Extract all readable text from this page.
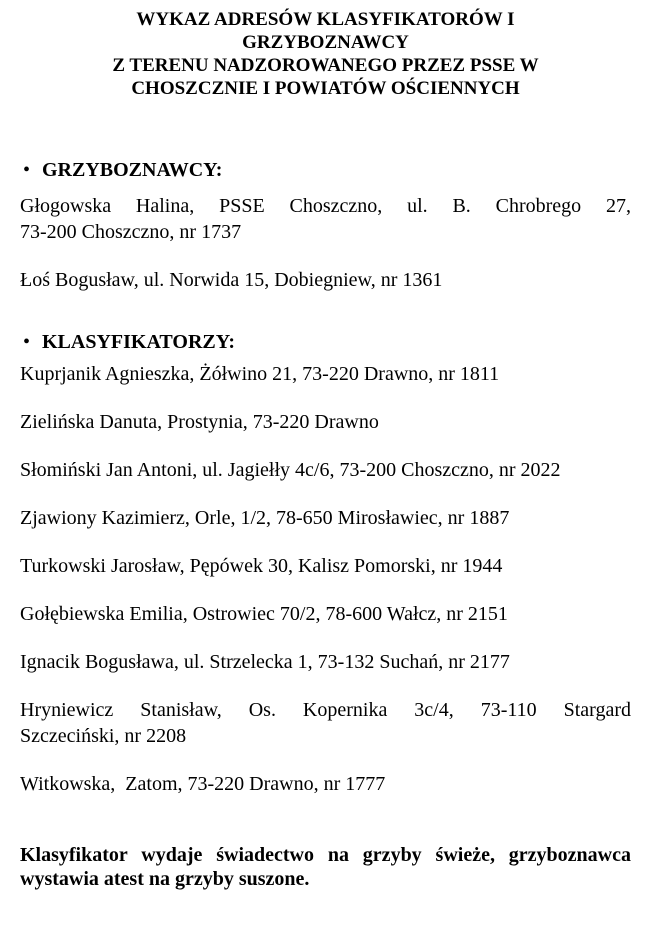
WYKAZ ADRESÓW KLASYFIKATORÓW I
GRZYBOZNAWCY
Z TERENU NADZOROWANEGO PRZEZ PSSE W
CHOSZCZNIE I POWIATÓW OŚCIENNYCH
• GRZYBOZNAWCY:

Głogowska Halina, PSSE Choszczno, ul. B. Chrobrego 27,
73-200 Choszczno, nr 1737

Łoś Bogusław, ul. Norwida 15, Dobiegniew, nr 1361

• KLASYFIKATORZY:

Kuprjanik Agnieszka, Żółwino 21, 73-220 Drawno, nr 1811

Zielińska Danuta, Prostynia, 73-220 Drawno

Słomiński Jan Antoni, ul. Jagiełły 4c/6, 73-200 Choszczno, nr 2022

Zjawiony Kazimierz, Orle, 1/2, 78-650 Mirosławiec, nr 1887

Turkowski Jarosław, Pępówek 30, Kalisz Pomorski, nr 1944

Gołębiewska Emilia, Ostrowiec 70/2, 78-600 Wałcz, nr 2151

Ignacik Bogusława, ul. Strzelecka 1, 73-132 Suchań, nr 2177

Hryniewicz Stanisław, Os. Kopernika 3c/4, 73-110 Stargard
Szczeciński, nr 2208

Witkowska,  Zatom, 73-220 Drawno, nr 1777

Klasyfikator wydaje świadectwo na grzyby świeże, grzyboznawca
wystawia atest na grzyby suszone.
